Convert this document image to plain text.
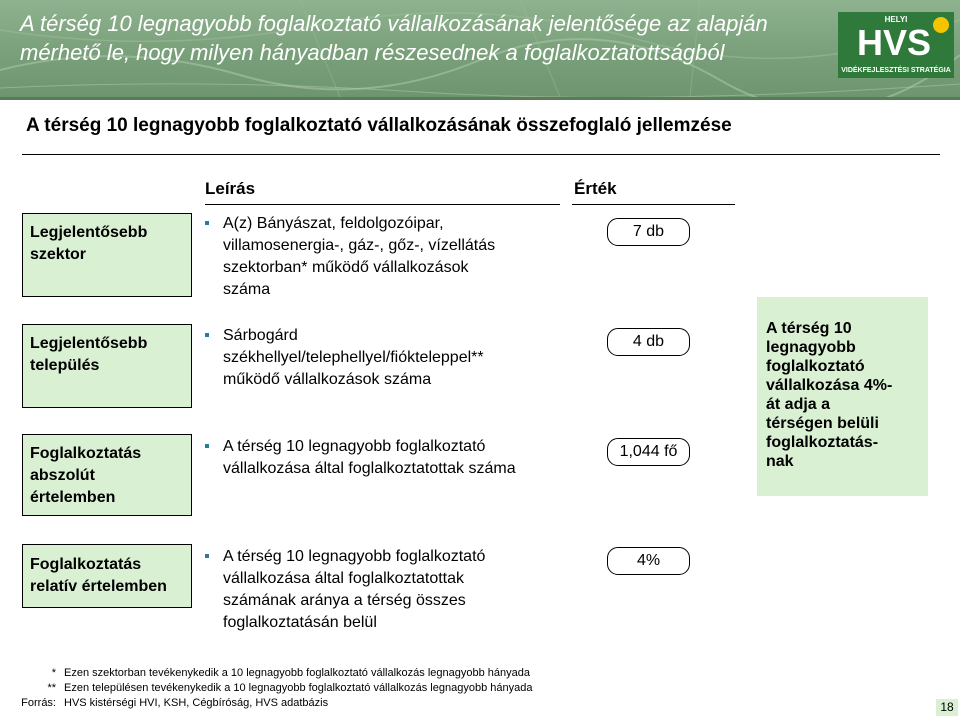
A térség 10 legnagyobb foglalkoztató vállalkozásának jelentősége az alapján
mérhető le, hogy milyen hányadban részesednek a foglalkoztatottságból
HELYI
HVS
VIDÉKFEJLESZTÉSI STRATÉGIA
A térség 10 legnagyobb foglalkoztató vállalkozásának összefoglaló jellemzése
Leírás	Érték
Legjelentősebb
szektor
A(z) Bányászat, feldolgozóipar,
villamosenergia-, gáz-, gőz-, vízellátás
szektorban* működő vállalkozások
száma
7 db
Legjelentősebb
település
Sárbogárd
székhellyel/telephellyel/fiókteleppel**
működő vállalkozások száma
4 db
Foglalkoztatás
abszolút
értelemben
A térség 10 legnagyobb foglalkoztató
vállalkozása által foglalkoztatottak száma
1,044 fő
A térség 10
legnagyobb
foglalkoztató
vállalkozása 4%-
át adja a
térségen belüli
foglalkoztatás-
nak
Foglalkoztatás
relatív értelemben
A térség 10 legnagyobb foglalkoztató
vállalkozása által foglalkoztatottak
számának aránya a térség összes
foglalkoztatásán belül
4%
* Ezen szektorban tevékenykedik a 10 legnagyobb foglalkoztató vállalkozás legnagyobb hányada
** Ezen településen tevékenykedik a 10 legnagyobb foglalkoztató vállalkozás legnagyobb hányada
Forrás: HVS kistérségi HVI, KSH, Cégbíróság, HVS adatbázis	18
